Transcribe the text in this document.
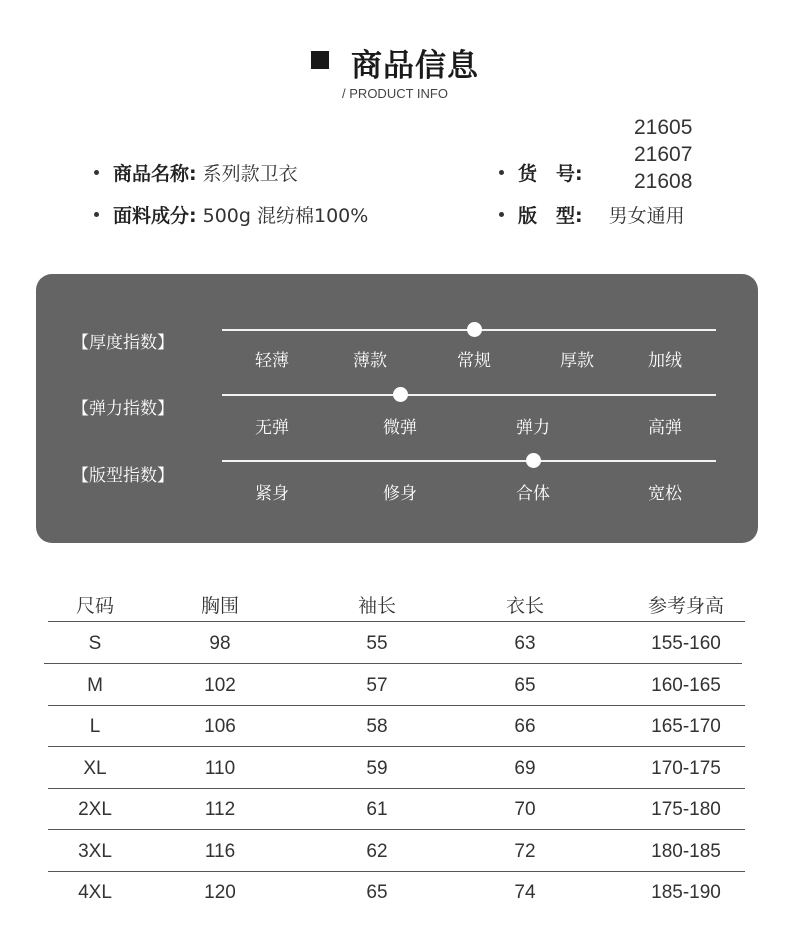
商品信息
/ PRODUCT INFO
商品名称: 系列款卫衣
面料成分: 500g 混纺棉100%
货　号:
21605
21607
21608
版　型: 男女通用
【厚度指数】
轻薄	薄款	常规	厚款	加绒
【弹力指数】
无弹	微弹	弹力	高弹
【版型指数】
紧身	修身	合体	宽松
尺码	胸围	袖长	衣长	参考身高
S	98	55	63	155-160
M	102	57	65	160-165
L	106	58	66	165-170
XL	110	59	69	170-175
2XL	112	61	70	175-180
3XL	116	62	72	180-185
4XL	120	65	74	185-190
